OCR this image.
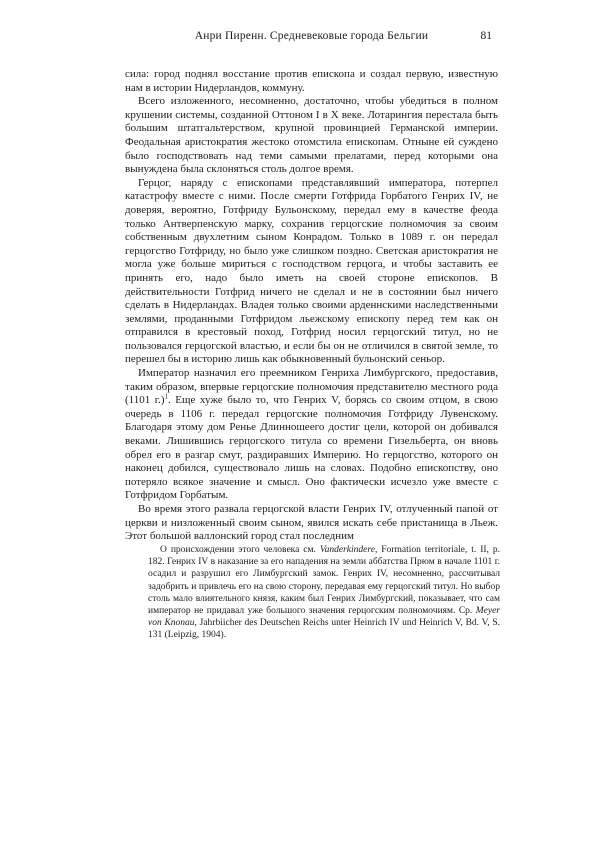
Анри Пиренн. Средневековые города Бельгии	81

сила: город поднял восстание против епископа и создал первую, известную нам в истории Нидерландов, коммуну.

Всего изложенного, несомненно, достаточно, чтобы убедиться в полном крушении системы, созданной Оттоном I в X веке. Лотарингия перестала быть большим штатгальтерством, крупной провинцией Германской империи. Феодальная аристократия жестоко отомстила епископам. Отныне ей суждено было господствовать над теми самыми прелатами, перед которыми она вынуждена была склоняться столь долгое время.

Герцог, наряду с епископами представлявший императора, потерпел катастрофу вместе с ними. После смерти Готфрида Горбатого Генрих IV, не доверяя, вероятно, Готфриду Бульонскому, передал ему в качестве феода только Антверпенскую марку, сохранив герцогские полномочия за своим собственным двухлетним сыном Конрадом. Только в 1089 г. он передал герцогство Готфриду, но было уже слишком поздно. Светская аристократия не могла уже больше мириться с господством герцога, и чтобы заставить ее принять его, надо было иметь на своей стороне епископов. В действительности Готфрид ничего не сделал и не в состоянии был ничего сделать в Нидерландах. Владея только своими арденнскими наследственными землями, проданными Готфридом льежскому епископу перед тем как он отправился в крестовый поход, Готфрид носил герцогский титул, но не пользовался герцогской властью, и если бы он не отличился в святой земле, то перешел бы в историю лишь как обыкновенный бульонский сеньор.

Император назначил его преемником Генриха Лимбургского, предоставив, таким образом, впервые герцогские полномочия представителю местного рода (1101 г.)$^1$. Еще хуже было то, что Генрих V, борясь со своим отцом, в свою очередь в 1106 г. передал герцогские полномочия Готфриду Лувенскому. Благодаря этому дом Ренье Длинношеего достиг цели, которой он добивался веками. Лишившись герцогского титула со времени Гизельберта, он вновь обрел его в разгар смут, раздиравших Империю. Но герцогство, которого он наконец добился, существовало лишь на словах. Подобно епископству, оно потеряло всякое значение и смысл. Оно фактически исчезло уже вместе с Готфридом Горбатым.

Во время этого развала герцогской власти Генрих IV, отлученный папой от церкви и низложенный своим сыном, явился искать себе пристанища в Льеж. Этот большой валлонский город стал последним

О происхождении этого человека см. Vanderkindere, Formation territoriale, t. II, p. 182. Генрих IV в наказание за его нападения на земли аббатства Прюм в начале 1101 г. осадил и разрушил его Лимбургский замок. Генрих IV, несомненно, рассчитывал задобрить и привлечь его на свою сторону, передавая ему герцогский титул. Но выбор столь мало влиятельного князя, каким был Генрих Лимбургский, показывает, что сам император не придавал уже большого значения герцогским полномочиям. Ср. Meyer von Knonau, Jahrbiicher des Deutschen Reichs unter Heinrich IV und Heinrich V, Bd. V, S. 131 (Leipzig, 1904).
